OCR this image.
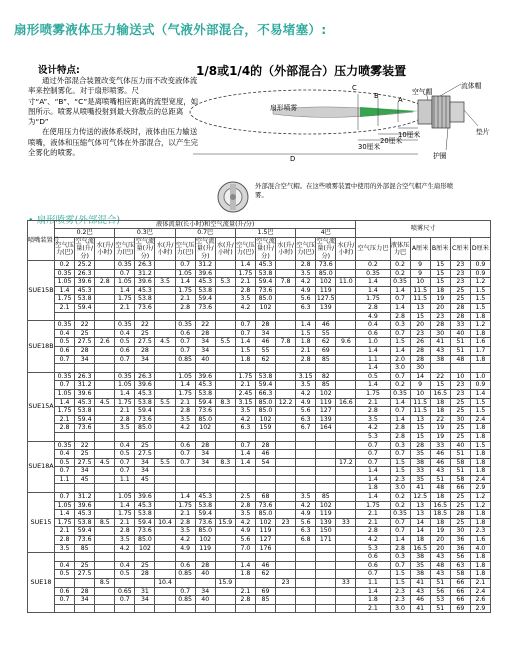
扇形喷雾液体压力输送式（气液外部混合，不易堵塞）:
设计特点:

通过外部混合装置改变气体压力而不改变液体流率来控制雾化。对于扇形喷雾。尺寸“A”、“B”、“C”是离喷嘴相应距离的流型宽度，如图所示。喷雾从喷嘴投射到最大弥散点的总距离为“D”

在使用压力传送的液体系统时，液体由压力输送喷嘴，液体和压缩气体可气体在外部混合，以产生完全雾化的喷雾。

1/8或1/4的（外部混合）压力喷雾装置
扇形喷雾
空气帽
流体帽
垫片
护圈
C
B	A
D
30厘米
20厘米
10厘米
外部混合空气帽。在这些喷雾装置中使用的外部混合空气帽产生扇形喷雾。
• 扇形喷雾(外部混合)
喷嘴装置号	液体流量(长小时)和空气流量(升/分)															喷雾尺寸					
	0.2巴			0.3巴			0.7巴			1.5巴			4巴								
	空气压力(巴)	空气流量(升/分)	水(升/小时)	空气压力(巴)	空气流量(升/分)	水(升/小时)	空气压力(巴)	空气流量(升/分)	水(升/小时)	空气压力(巴)	空气流量(升/分)	水(升/小时)	空气压力(巴)	空气流量(升/分)	水(升/小时)	空气压力巴	液体压力巴	A厘米	B厘米	C厘米	D厘米
SUE15B	0.2	25.2		0.35	26.3		0.7	31.2		1.4	45.3		2.8	73.6		0.2	0.2	9	15	23	0.9
	0.35	26.3		0.7	31.2		1.05	39.6		1.75	53.8		3.5	85.0		0.35	0.2	9	15	23	0.9
	1.05	39.6	2.8	1.05	39.6	3.5	1.4	45.3	5.3	2.1	59.4	7.8	4.2	102	11.0	1.4	0.35	10	15	23	1.2
	1.4	45.3		1.4	45.3		1.75	53.8		2.8	73.6		4.9	119		1.4	1.4	11.5	18	25	1.5
	1.75	53.8		1.75	53.8		2.1	59.4		3.5	85.0		5.6	127.5		1.75	0.7	11.5	19	25	1.5
	2.1	59.4		2.1	73.6		2.8	73.6		4.2	102		6.3	139		2.8	1.4	13	20	28	1.5
																4.9	2.8	15	23	28	1.8
SUE18B	0.35	22		0.35	22		0.35	22		0.7	28		1.4	46		0.4	0.3	20	28	33	1.2
	0.4	25		0.4	25		0.6	28		0.7	34		1.5	55		0.6	0.7	23	30	40	1.8
	0.5	27.5	2.6	0.5	27.5	4.5	0.7	34	5.5	1.4	46	7.8	1.8	62	9.6	1.0	1.5	26	41	51	1.6
	0.6	28		0.6	28		0.7	34		1.5	55		2.1	69		1.4	1.4	28	43	51	1.7
	0.7	34		0.7	34		0.85	40		1.8	62		2.8	85		1.1	2.0	28	38	48	1.8
																1.4	3.0	30			
SUE15A	0.35	26.3		0.35	26.3		1.05	39.6		1.75	53.8		3.15	82		0.5	0.7	14	22	10	1.0
	0.7	31.2		1.05	39.6		1.4	45.3		2.1	59.4		3.5	85		1.4	0.2	9	15	23	0.9
	1.05	39.6		1.4	45.3		1.75	53.8		2.45	66.3		4.2	102		1.75	0.35	10	16.5	23	1.4
	1.4	45.3	4.5	1.75	53.8	5.5	2.1	59.4	8.3	3.15	85.0	12.2	4.9	119	16.6	2.1	1.4	11.5	18	25	1.5
	1.75	53.8		2.1	59.4		2.8	73.6		3.5	85.0		5.6	127		2.8	0.7	11.5	18	25	1.5
	2.1	59.4		2.8	73.6		3.5	85.0		4.2	102		6.3	139		3.5	1.4	13	22	30	2.4
	2.8	73.6		3.5	85.0		4.2	102		6.3	159		6.7	164		4.2	2.8	15	19	25	1.8
																5.3	2.8	15	19	25	1.8
SUE18A	0.35	22		0.4	25		0.6	28		0.7	28					0.7	0.3	28	33	40	1.5
	0.4	25		0.5	27.5		0.7	34		1.4	46					0.7	0.7	35	46	51	1.8
	0.5	27.5	4.5	0.7	34	5.5	0.7	34	8.3	1.4	54				17.2	0.7	1.5	38	46	58	1.8
	0.7	34		0.7	34											1.4	1.5	33	43	51	1.8
	1.1	45		1.1	45											1.4	2.3	35	51	58	2.4
																1.8	3.0	41	48	66	2.9
SUE15	0.7	31.2		1.05	39.6		1.4	45.3		2.5	68		3.5	85		1.4	0.2	12.5	18	25	1.2
	1.05	39.6		1.4	45.3		1.75	53.8		2.8	73.6		4.2	102		1.75	0.2	13	16.5	25	1.2
	1.4	45.3		1.75	53.8		2.1	59.4		3.5	85.0		4.9	119		2.1	0.35	13	18.5	28	1.8
	1.75	53.8	8.5	2.1	59.4	10.4	2.8	73.6	15.9	4.2	102	23	5.6	139	33	2.1	0.7	14	18	25	1.8
	2.1	59.4		2.8	73.6		3.5	85.0		4.9	119		6.3	150		2.8	0.7	14	19	30	2.3
	2.8	73.6		3.5	85.0		4.2	102		5.6	127		6.8	171		4.2	1.4	18	20	36	1.6
	3.5	85		4.2	102		4.9	119		7.0	176					5.3	2.8	16.5	20	36	4.0
SUE18																0.6	0.3	38	43	56	1.8
	0.4	25		0.4	25		0.6	28		1.4	46					0.6	0.7	35	48	63	1.8
	0.5	27.5		0.5	28		0.85	40		1.8	62					0.7	1.5	38	43	58	1.8
			8.5			10.4			15.9			23			33	1.1	1.5	41	51	66	2.1
	0.6	28		0.65	31		0.7	34		2.1	69					1.4	2.3	43	56	66	2.4
	0.7	34		0.7	34		0.85	40		2.8	85					1.8	2.3	46	53	66	2.6
																2.1	3.0	41	51	69	2.9
